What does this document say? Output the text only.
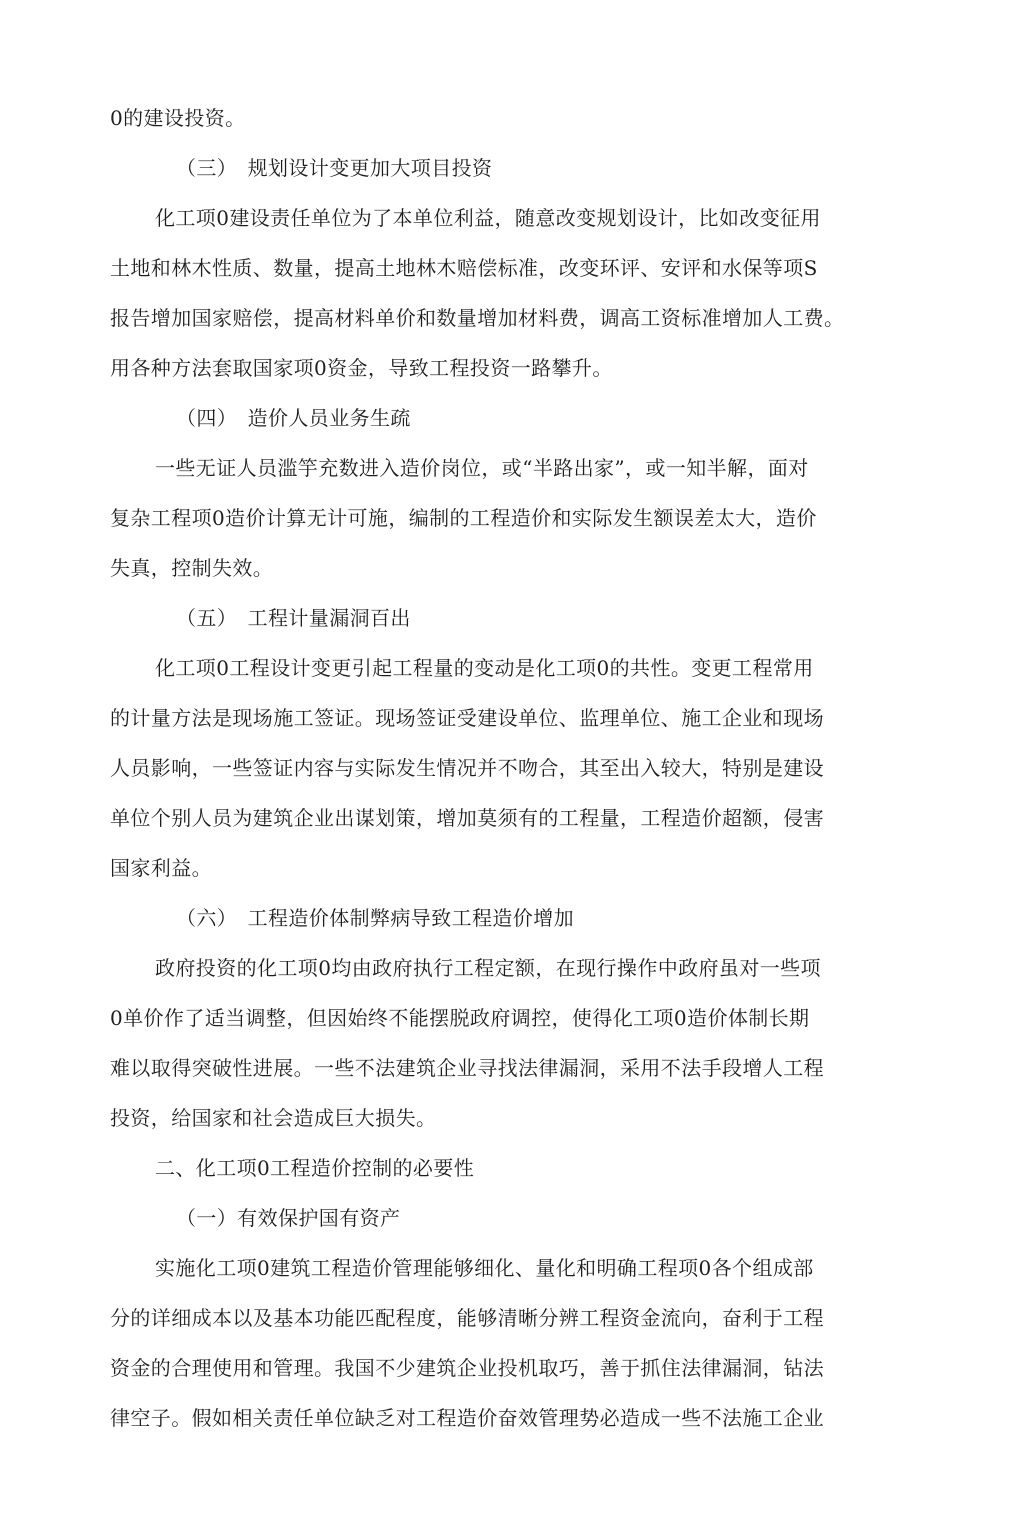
0的建设投资。
（三）　规划设计变更加大项目投资
化工项0建设责任单位为了本单位利益，随意改变规划设计，比如改变征用
土地和林木性质、数量，提高土地林木赔偿标准，改变环评、安评和水保等项S
报告增加国家赔偿，提高材料单价和数量增加材料费，调高工资标准增加人工费。
用各种方法套取国家项0资金，导致工程投资一路攀升。
（四）　造价人员业务生疏
一些无证人员滥竽充数进入造价岗位，或“半路出家”，或一知半解，面对
复杂工程项0造价计算无计可施，编制的工程造价和实际发生额误差太大，造价
失真，控制失效。
（五）　工程计量漏洞百出
化工项0工程设计变更引起工程量的变动是化工项0的共性。变更工程常用
的计量方法是现场施工签证。现场签证受建设单位、监理单位、施工企业和现场
人员影响，一些签证内容与实际发生情况并不吻合，其至出入较大，特别是建设
单位个别人员为建筑企业出谋划策，增加莫须有的工程量，工程造价超额，侵害
国家利益。
（六）　工程造价体制弊病导致工程造价增加
政府投资的化工项0均由政府执行工程定额，在现行操作中政府虽对一些项
0单价作了适当调整，但因始终不能摆脱政府调控，使得化工项0造价体制长期
难以取得突破性进展。一些不法建筑企业寻找法律漏洞，采用不法手段增人工程
投资，给国家和社会造成巨大损失。
二、化工项0工程造价控制的必要性
（一）有效保护国有资产
实施化工项0建筑工程造价管理能够细化、量化和明确工程项0各个组成部
分的详细成本以及基本功能匹配程度，能够清晰分辨工程资金流向，奋利于工程
资金的合理使用和管理。我国不少建筑企业投机取巧，善于抓住法律漏洞，钻法
律空子。假如相关责任单位缺乏对工程造价奋效管理势必造成一些不法施工企业
